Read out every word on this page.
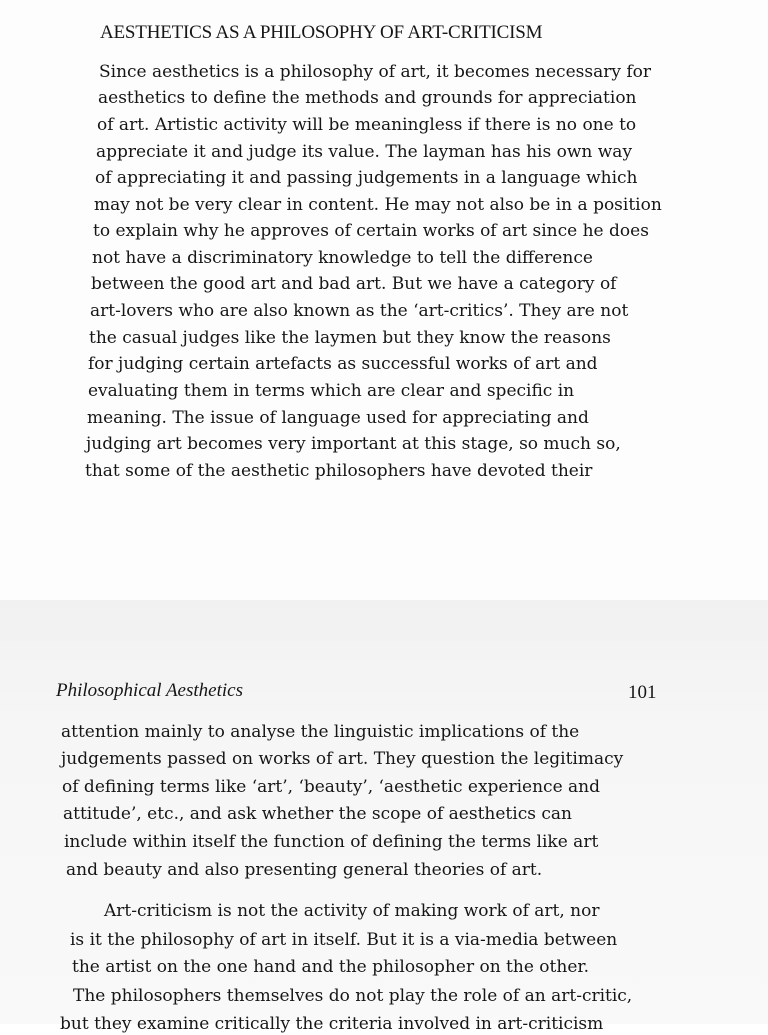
AESTHETICS AS A PHILOSOPHY OF ART-CRITICISM

Since aesthetics is a philosophy of art, it becomes necessary for

aesthetics to define the methods and grounds for appreciation

of art. Artistic activity will be meaningless if there is no one to

appreciate it and judge its value. The layman has his own way

of appreciating it and passing judgements in a language which

may not be very clear in content. He may not also be in a position

to explain why he approves of certain works of art since he does

not have a discriminatory knowledge to tell the difference

between the good art and bad art. But we have a category of

art-lovers who are also known as the ‘art-critics’. They are not

the casual judges like the laymen but they know the reasons

for judging certain artefacts as successful works of art and

evaluating them in terms which are clear and specific in

meaning. The issue of language used for appreciating and

judging art becomes very important at this stage, so much so,

that some of the aesthetic philosophers have devoted their

Philosophical Aesthetics	101

attention mainly to analyse the linguistic implications of the

judgements passed on works of art. They question the legitimacy

of defining terms like ‘art’, ‘beauty’, ‘aesthetic experience and

attitude’, etc., and ask whether the scope of aesthetics can

include within itself the function of defining the terms like art

and beauty and also presenting general theories of art.

Art-criticism is not the activity of making work of art, nor

is it the philosophy of art in itself. But it is a via-media between

the artist on the one hand and the philosopher on the other.

The philosophers themselves do not play the role of an art-critic,

but they examine critically the criteria involved in art-criticism
